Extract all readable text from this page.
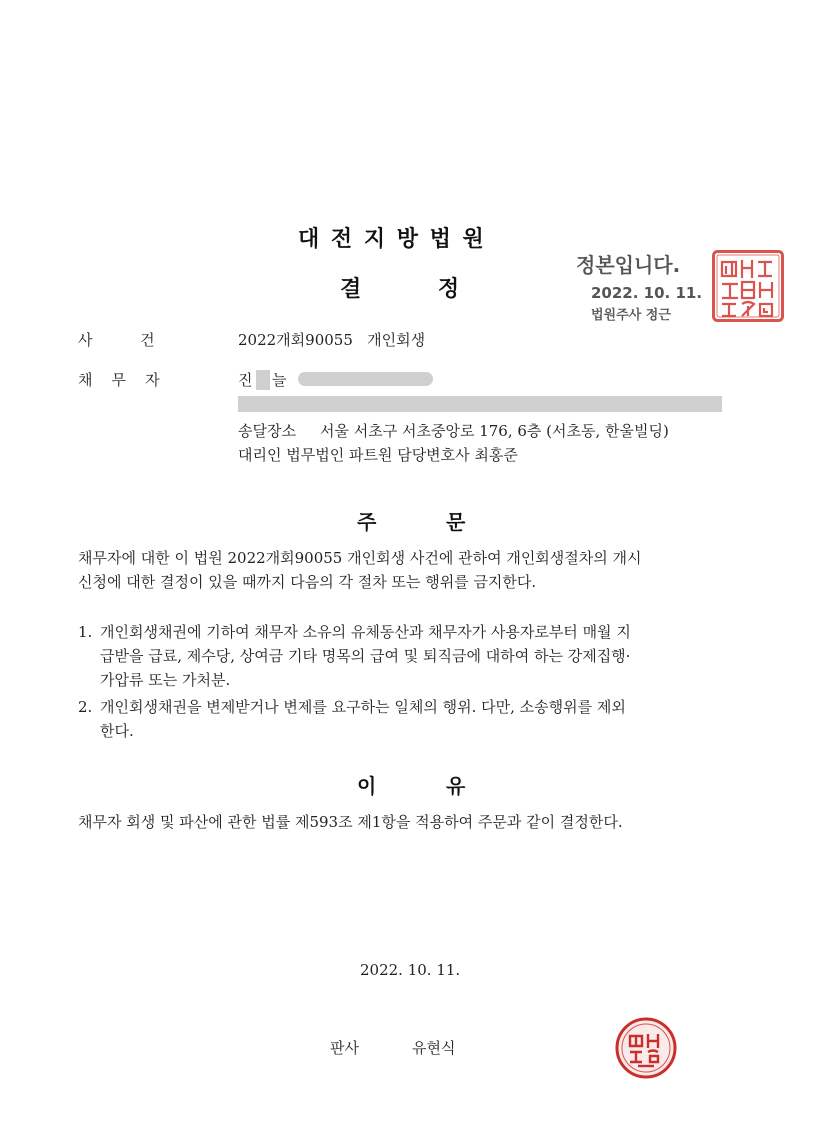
대 전 지 방 법 원
결          정
정본입니다.
2022. 10. 11.
법원주사 정근
사          건	2022개회90055   개인회생
채    무    자	진 늘
송달장소 서울 서초구 서초중앙로 176, 6층 (서초동, 한울빌딩)
대리인 법무법인 파트원 담당변호사 최홍준
주          문
채무자에 대한 이 법원 2022개회90055 개인회생 사건에 관하여 개인회생절차의 개시
신청에 대한 결정이 있을 때까지 다음의 각 절차 또는 행위를 금지한다.
1. 개인회생채권에 기하여 채무자 소유의 유체동산과 채무자가 사용자로부터 매월 지
급받을 급료, 제수당, 상여금 기타 명목의 급여 및 퇴직금에 대하여 하는 강제집행·
가압류 또는 가처분.
2. 개인회생채권을 변제받거나 변제를 요구하는 일체의 행위. 다만, 소송행위를 제외
한다.
이          유
채무자 회생 및 파산에 관한 법률 제593조 제1항을 적용하여 주문과 같이 결정한다.
2022. 10. 11.
판사	유현식
